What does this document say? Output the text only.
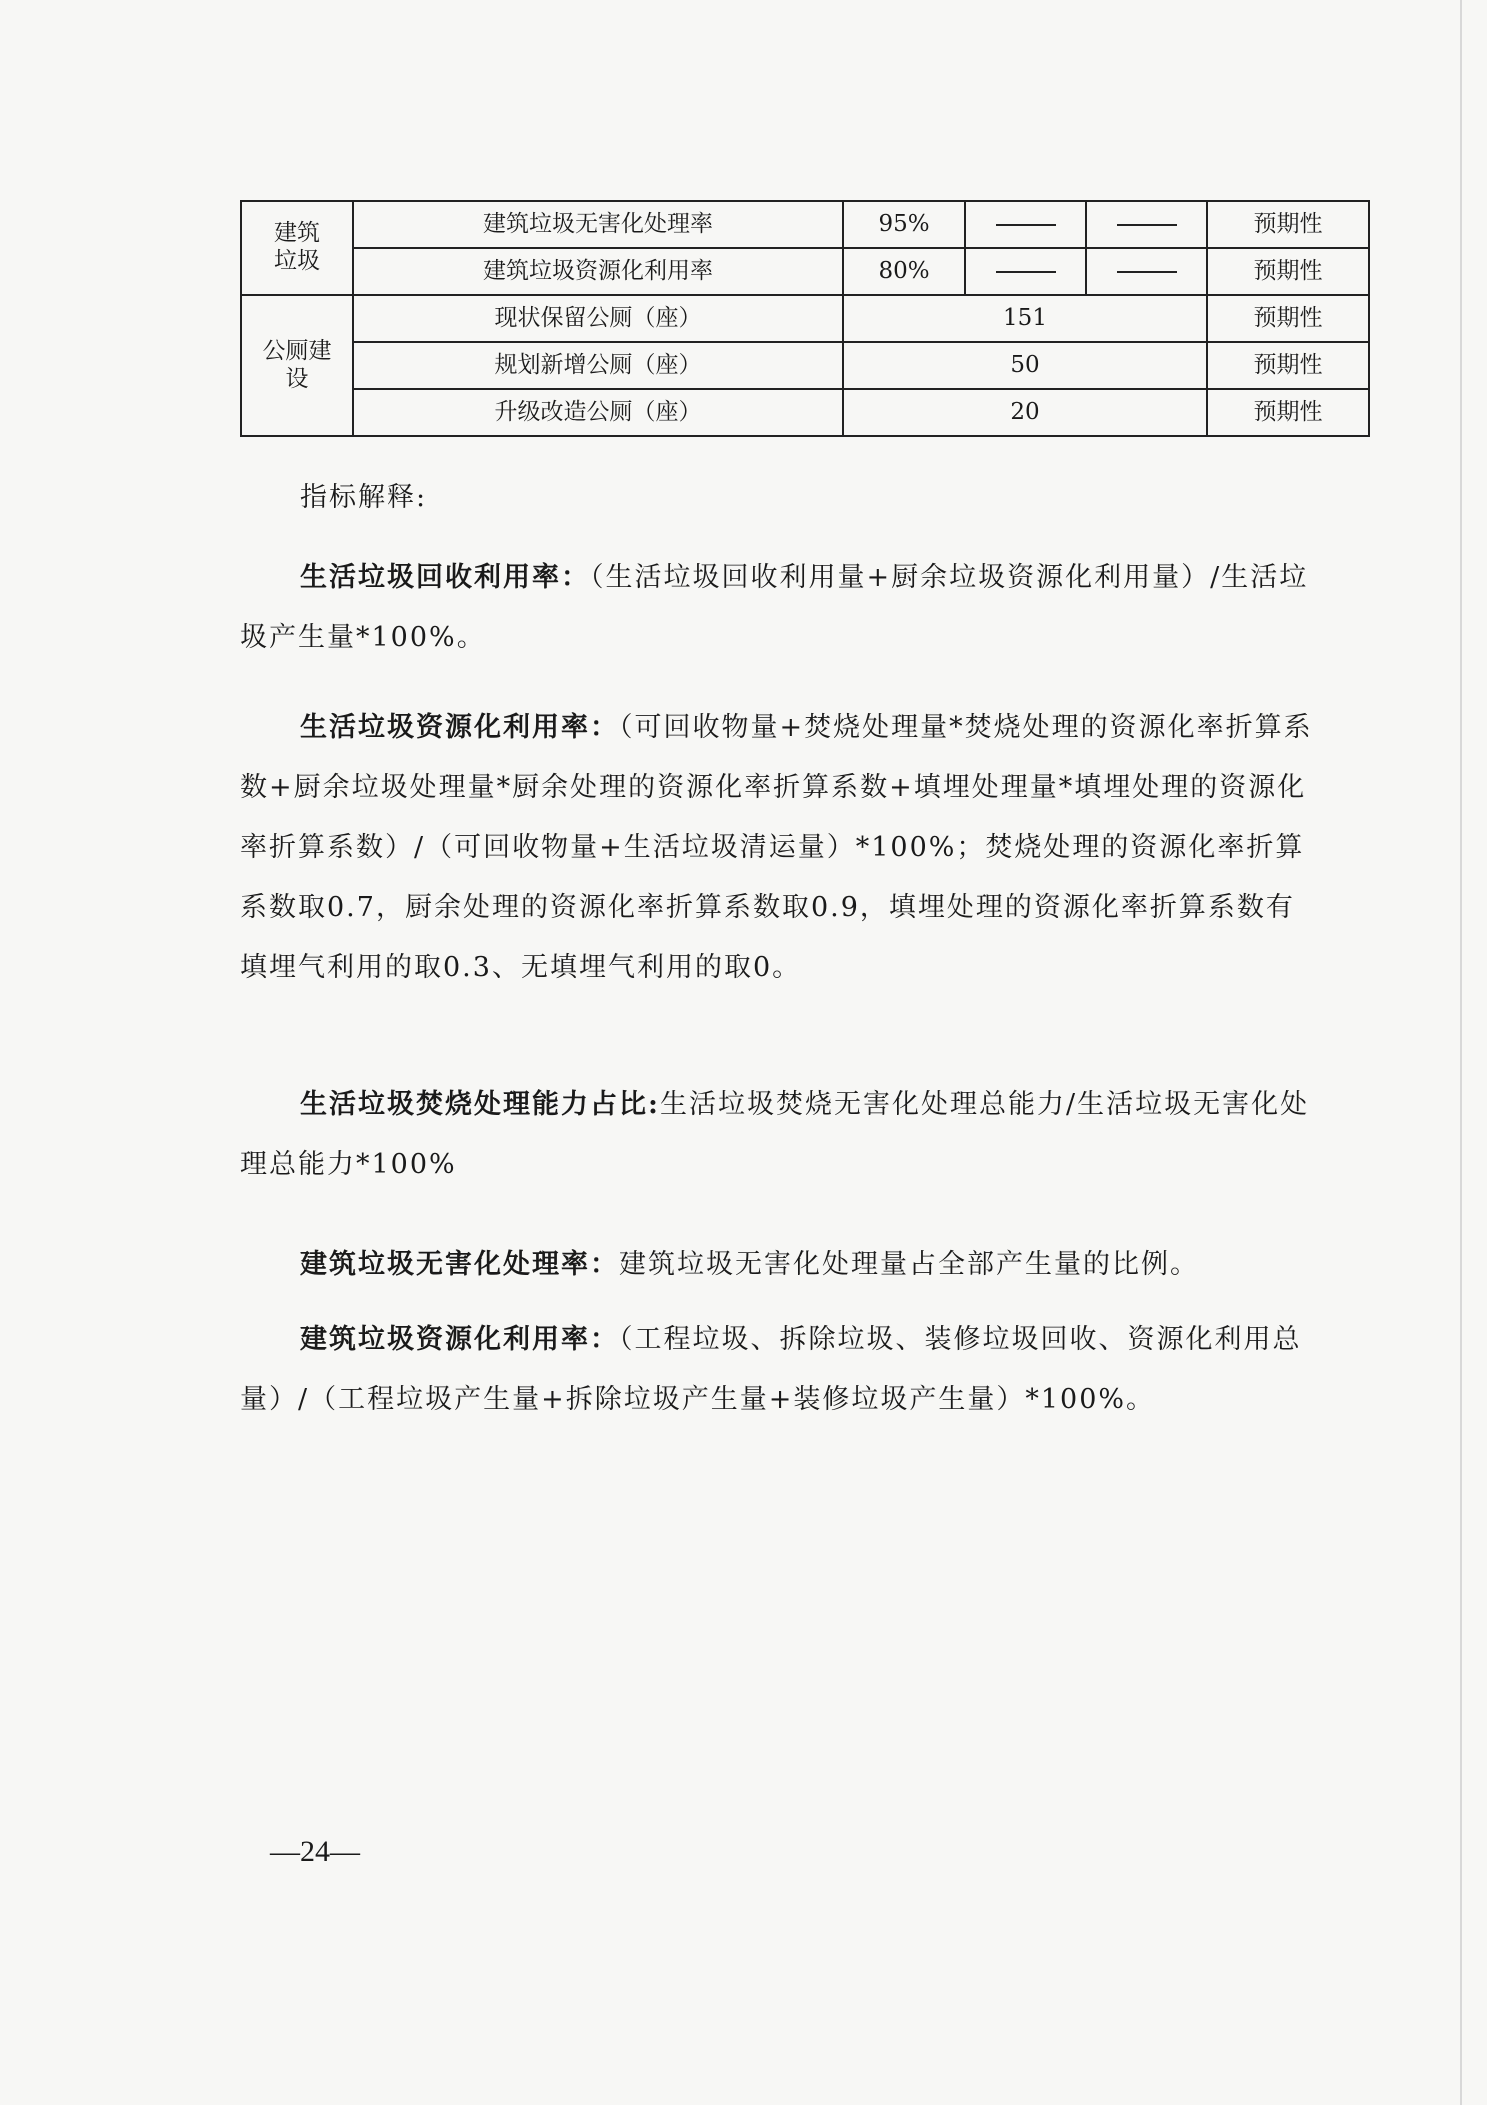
建筑
垃圾	建筑垃圾无害化处理率	95%			预期性
	建筑垃圾资源化利用率	80%			预期性
公厕建
设	现状保留公厕（座）	151			预期性
	规划新增公厕（座）	50			预期性
	升级改造公厕（座）	20			预期性

指标解释:

生活垃圾回收利用率：（生活垃圾回收利用量+厨余垃圾资源化利用量）/生活垃圾产生量*100%。

生活垃圾资源化利用率：（可回收物量+焚烧处理量*焚烧处理的资源化率折算系数+厨余垃圾处理量*厨余处理的资源化率折算系数+填埋处理量*填埋处理的资源化率折算系数）/（可回收物量+生活垃圾清运量）*100%；焚烧处理的资源化率折算系数取0.7，厨余处理的资源化率折算系数取0.9，填埋处理的资源化率折算系数有填埋气利用的取0.3、无填埋气利用的取0。

生活垃圾焚烧处理能力占比:生活垃圾焚烧无害化处理总能力/生活垃圾无害化处理总能力*100%

建筑垃圾无害化处理率：建筑垃圾无害化处理量占全部产生量的比例。

建筑垃圾资源化利用率：（工程垃圾、拆除垃圾、装修垃圾回收、资源化利用总量）/（工程垃圾产生量+拆除垃圾产生量+装修垃圾产生量）*100%。

—24—
